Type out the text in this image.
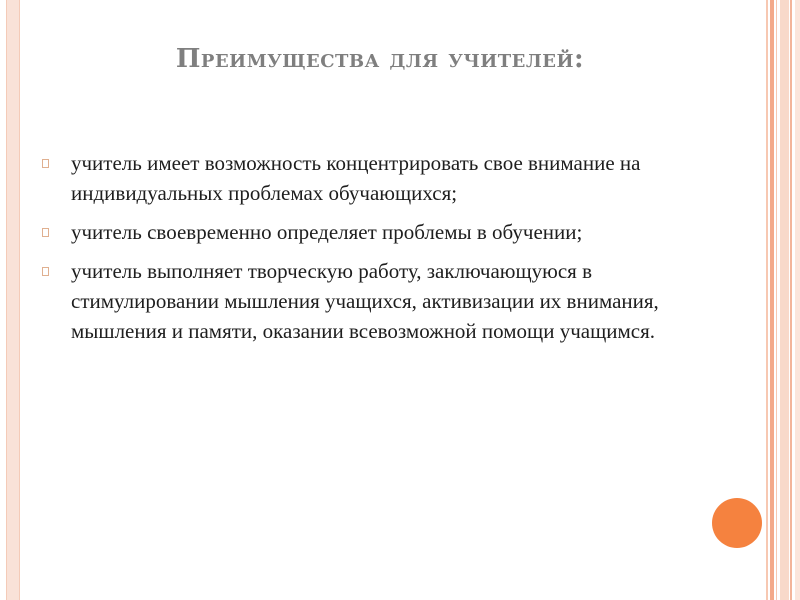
Преимущества для учителей:
учитель имеет возможность концентрировать свое внимание на индивидуальных проблемах обучающихся;
учитель своевременно определяет проблемы в обучении;
учитель выполняет творческую работу, заключающуюся в стимулировании мышления учащихся, активизации их внимания, мышления и памяти, оказании всевозможной помощи учащимся.
